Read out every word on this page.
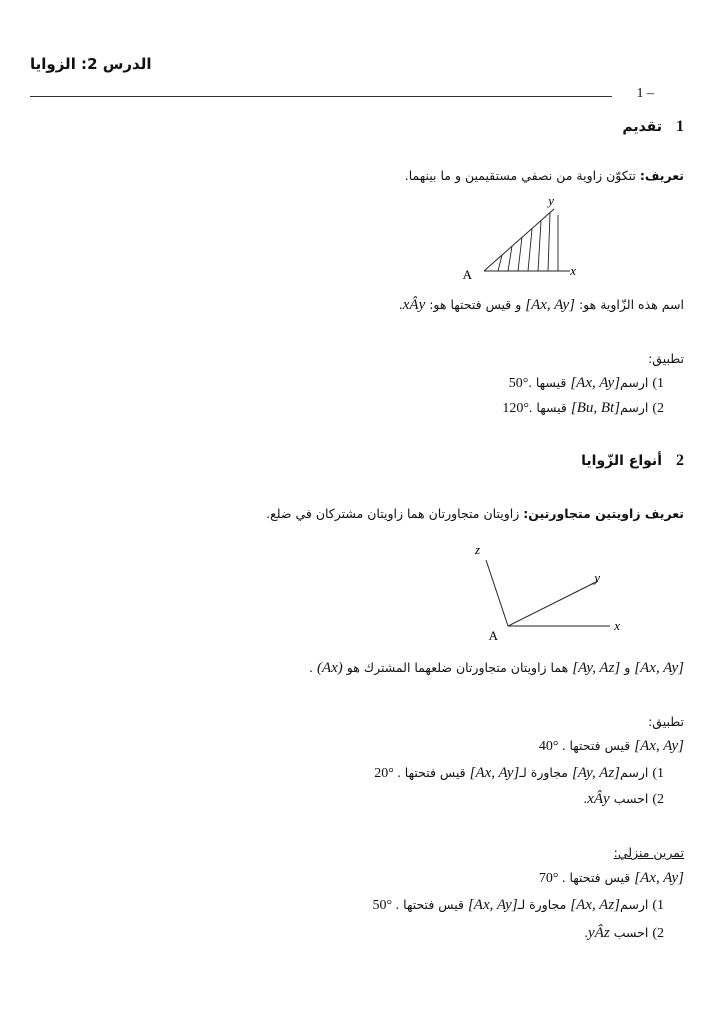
الدرس 2: الزوايا
1 –
1تقديم
تعريف: تتكوّن زاوية من نصفي مستقيمين و ما بينهما.
A	x
y
اسم هذه الزّاوية هو: [Ax, Ay] و قيس فتحتها هو: xÂy.
تطبيق:
1) ارسم[Ax, Ay] قيسها 50°.
2) ارسم[Bu, Bt] قيسها 120°.
2أنواع الزّوايا
تعريف زاويتين متجاورتين: زاويتان متجاورتان هما زاويتان مشتركان في ضلع.
A
x
y
z
[Ax, Ay] و [Ay, Az] هما زاويتان متجاورتان ضلعهما المشترك هو (Ax) .
تطبيق:
[Ax, Ay] قيس فتحتها 40° .
1) ارسم[Ay, Az] مجاورة لـ[Ax, Ay] قيس فتحتها 20° .
2) احسب xÂy.
تمرين منزلي:
[Ax, Ay] قيس فتحتها 70° .
1) ارسم[Ax, Az] مجاورة لـ[Ax, Ay] قيس فتحتها 50° .
2) احسب yÂz.
